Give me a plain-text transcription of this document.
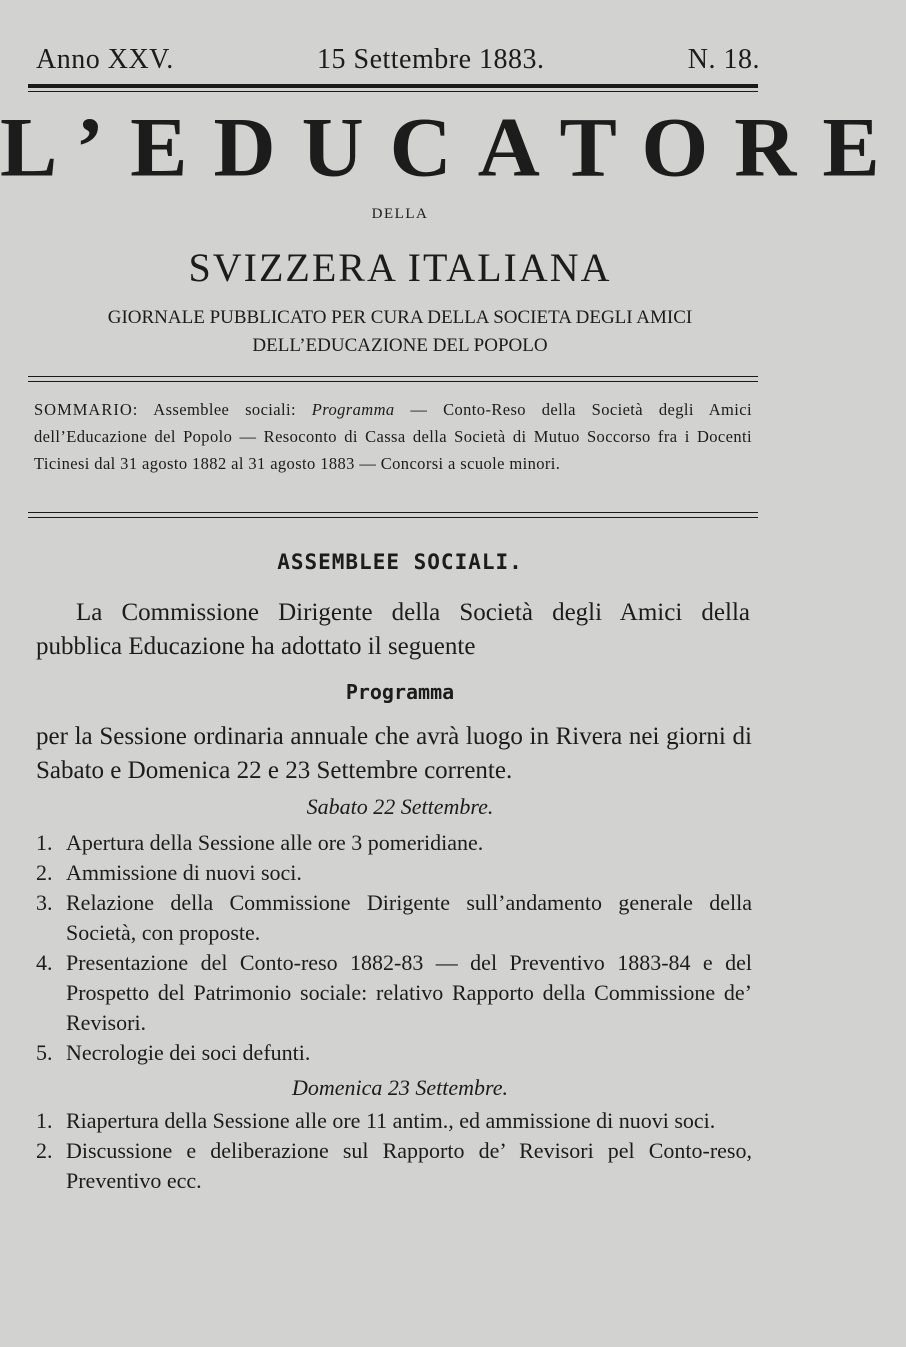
Anno XXV.	15 Settembre 1883.	N. 18.
L’EDUCATORE
DELLA
SVIZZERA ITALIANA
GIORNALE PUBBLICATO PER CURA DELLA SOCIETA DEGLI AMICI
DELL’EDUCAZIONE DEL POPOLO
SOMMARIO: Assemblee sociali: Programma — Conto-Reso della Società degli Amici dell’Educazione del Popolo — Resoconto di Cassa della Società di Mutuo Soccorso fra i Docenti Ticinesi dal 31 agosto 1882 al 31 agosto 1883 — Concorsi a scuole minori.
ASSEMBLEE SOCIALI.
La Commissione Dirigente della Società degli Amici della pubblica Educazione ha adottato il seguente
Programma
per la Sessione ordinaria annuale che avrà luogo in Rivera nei giorni di Sabato e Domenica 22 e 23 Settembre corrente.
Sabato 22 Settembre.
1. Apertura della Sessione alle ore 3 pomeridiane.
2. Ammissione di nuovi soci.
3. Relazione della Commissione Dirigente sull’andamento generale della Società, con proposte.
4. Presentazione del Conto-reso 1882-83 — del Preventivo 1883-84 e del Prospetto del Patrimonio sociale: relativo Rapporto della Commissione de’ Revisori.
5. Necrologie dei soci defunti.
Domenica 23 Settembre.
1. Riapertura della Sessione alle ore 11 antim., ed ammissione di nuovi soci.
2. Discussione e deliberazione sul Rapporto de’ Revisori pel Conto-reso, Preventivo ecc.
